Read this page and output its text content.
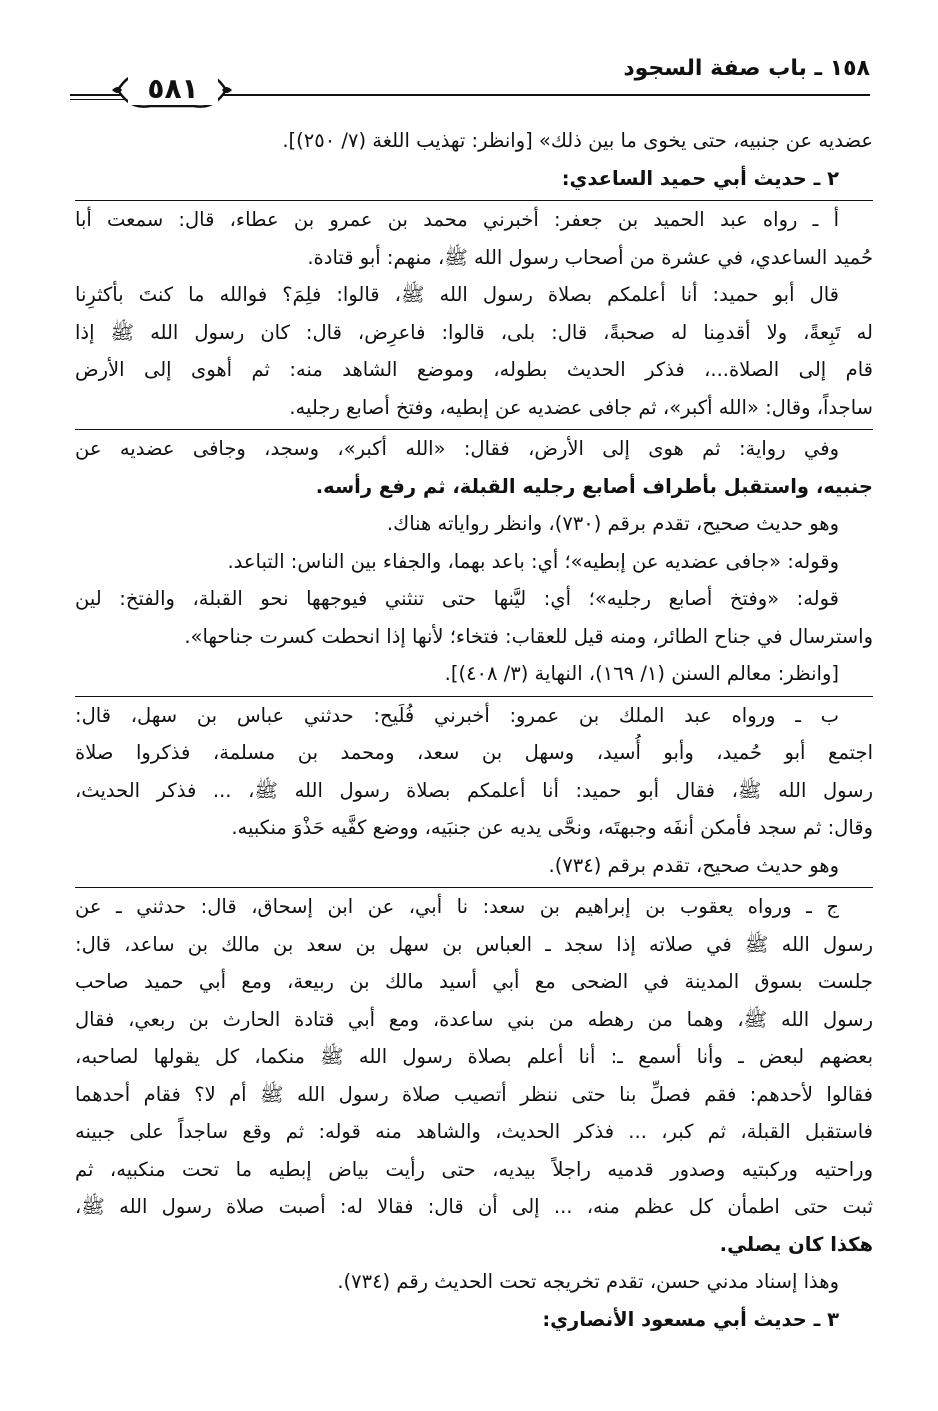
١٥٨ ـ باب صفة السجود
٥٨١
عضديه عن جنبيه، حتى يخوى ما بين ذلك» [وانظر: تهذيب اللغة (٧/ ٢٥٠)].
٢ ـ حديث أبي حميد الساعدي:
أ ـ رواه عبد الحميد بن جعفر: أخبرني محمد بن عمرو بن عطاء، قال: سمعت أبا
حُميد الساعدي، في عشرة من أصحاب رسول الله ﷺ، منهم: أبو قتادة.
قال أبو حميد: أنا أعلمكم بصلاة رسول الله ﷺ، قالوا: فلِمَ؟ فوالله ما كنتَ بأكثرِنا
له تَبِعةً، ولا أقدمِنا له صحبةً، قال: بلى، قالوا: فاعرِض، قال: كان رسول الله ﷺ إذا
قام إلى الصلاة...، فذكر الحديث بطوله، وموضع الشاهد منه: ثم أهوى إلى الأرض
ساجداً، وقال: «الله أكبر»، ثم جافى عضديه عن إبطيه، وفتخ أصابع رجليه.
وفي رواية: ثم هوى إلى الأرض، فقال: «الله أكبر»، وسجد، وجافى عضديه عن
جنبيه، واستقبل بأطراف أصابع رجليه القبلة، ثم رفع رأسه.
وهو حديث صحيح، تقدم برقم (٧٣٠)، وانظر رواياته هناك.
وقوله: «جافى عضديه عن إبطيه»؛ أي: باعد بهما، والجفاء بين الناس: التباعد.
قوله: «وفتخ أصابع رجليه»؛ أي: ليَّنها حتى تنثني فيوجهها نحو القبلة، والفتخ: لين
واسترسال في جناح الطائر، ومنه قيل للعقاب: فتخاء؛ لأنها إذا انحطت كسرت جناحها».
[وانظر: معالم السنن (١/ ١٦٩)، النهاية (٣/ ٤٠٨)].
ب ـ ورواه عبد الملك بن عمرو: أخبرني فُلَيح: حدثني عباس بن سهل، قال:
اجتمع أبو حُميد، وأبو أُسيد، وسهل بن سعد، ومحمد بن مسلمة، فذكروا صلاة
رسول الله ﷺ، فقال أبو حميد: أنا أعلمكم بصلاة رسول الله ﷺ، ... فذكر الحديث،
وقال: ثم سجد فأمكن أنفَه وجبهتَه، ونحَّى يديه عن جنبَيه، ووضع كفَّيه حَذْوَ منكبيه.
وهو حديث صحيح، تقدم برقم (٧٣٤).
ج ـ ورواه يعقوب بن إبراهيم بن سعد: نا أبي، عن ابن إسحاق، قال: حدثني ـ عن
رسول الله ﷺ في صلاته إذا سجد ـ العباس بن سهل بن سعد بن مالك بن ساعد، قال:
جلست بسوق المدينة في الضحى مع أبي أسيد مالك بن ربيعة، ومع أبي حميد صاحب
رسول الله ﷺ، وهما من رهطه من بني ساعدة، ومع أبي قتادة الحارث بن ربعي، فقال
بعضهم لبعض ـ وأنا أسمع ـ: أنا أعلم بصلاة رسول الله ﷺ منكما، كل يقولها لصاحبه،
فقالوا لأحدهم: فقم فصلِّ بنا حتى ننظر أتصيب صلاة رسول الله ﷺ أم لا؟ فقام أحدهما
فاستقبل القبلة، ثم كبر، ... فذكر الحديث، والشاهد منه قوله: ثم وقع ساجداً على جبينه
وراحتيه وركبتيه وصدور قدميه راجلاً بيديه، حتى رأيت بياض إبطيه ما تحت منكبيه، ثم
ثبت حتى اطمأن كل عظم منه، ... إلى أن قال: فقالا له: أصبت صلاة رسول الله ﷺ،
هكذا كان يصلي.
وهذا إسناد مدني حسن، تقدم تخريجه تحت الحديث رقم (٧٣٤).
٣ ـ حديث أبي مسعود الأنصاري:
